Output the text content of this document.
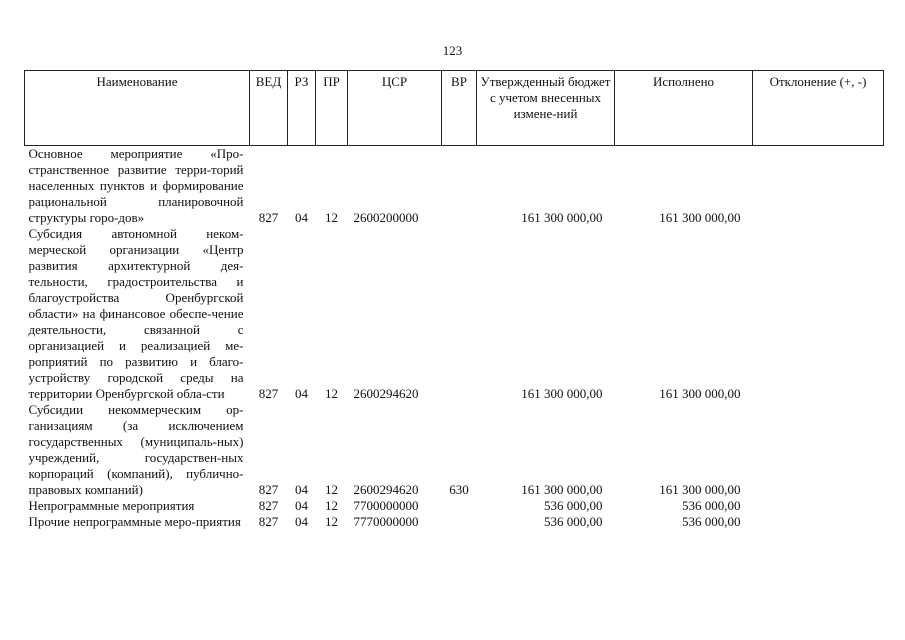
123
Наименование	ВЕД	РЗ	ПР	ЦСР	ВР	Утвержденный бюджет с учетом внесенных измене-ний	Исполнено	Отклонение (+, -)
Основное мероприятие «Про-странственное развитие терри-торий населенных пунктов и формирование рациональной планировочной структуры горо-дов»	827	04	12	2600200000		161 300 000,00	161 300 000,00	
Субсидия автономной неком-мерческой организации «Центр развития архитектурной дея-тельности, градостроительства и благоустройства Оренбургской области» на финансовое обеспе-чение деятельности, связанной с организацией и реализацией ме-роприятий по развитию и благо-устройству городской среды на территории Оренбургской обла-сти	827	04	12	2600294620		161 300 000,00	161 300 000,00	
Субсидии некоммерческим ор-ганизациям (за исключением государственных (муниципаль-ных) учреждений, государствен-ных корпораций (компаний), публично-правовых компаний)	827	04	12	2600294620	630	161 300 000,00	161 300 000,00	
Непрограммные мероприятия	827	04	12	7700000000		536 000,00	536 000,00	
Прочие непрограммные меро-приятия	827	04	12	7770000000		536 000,00	536 000,00	
